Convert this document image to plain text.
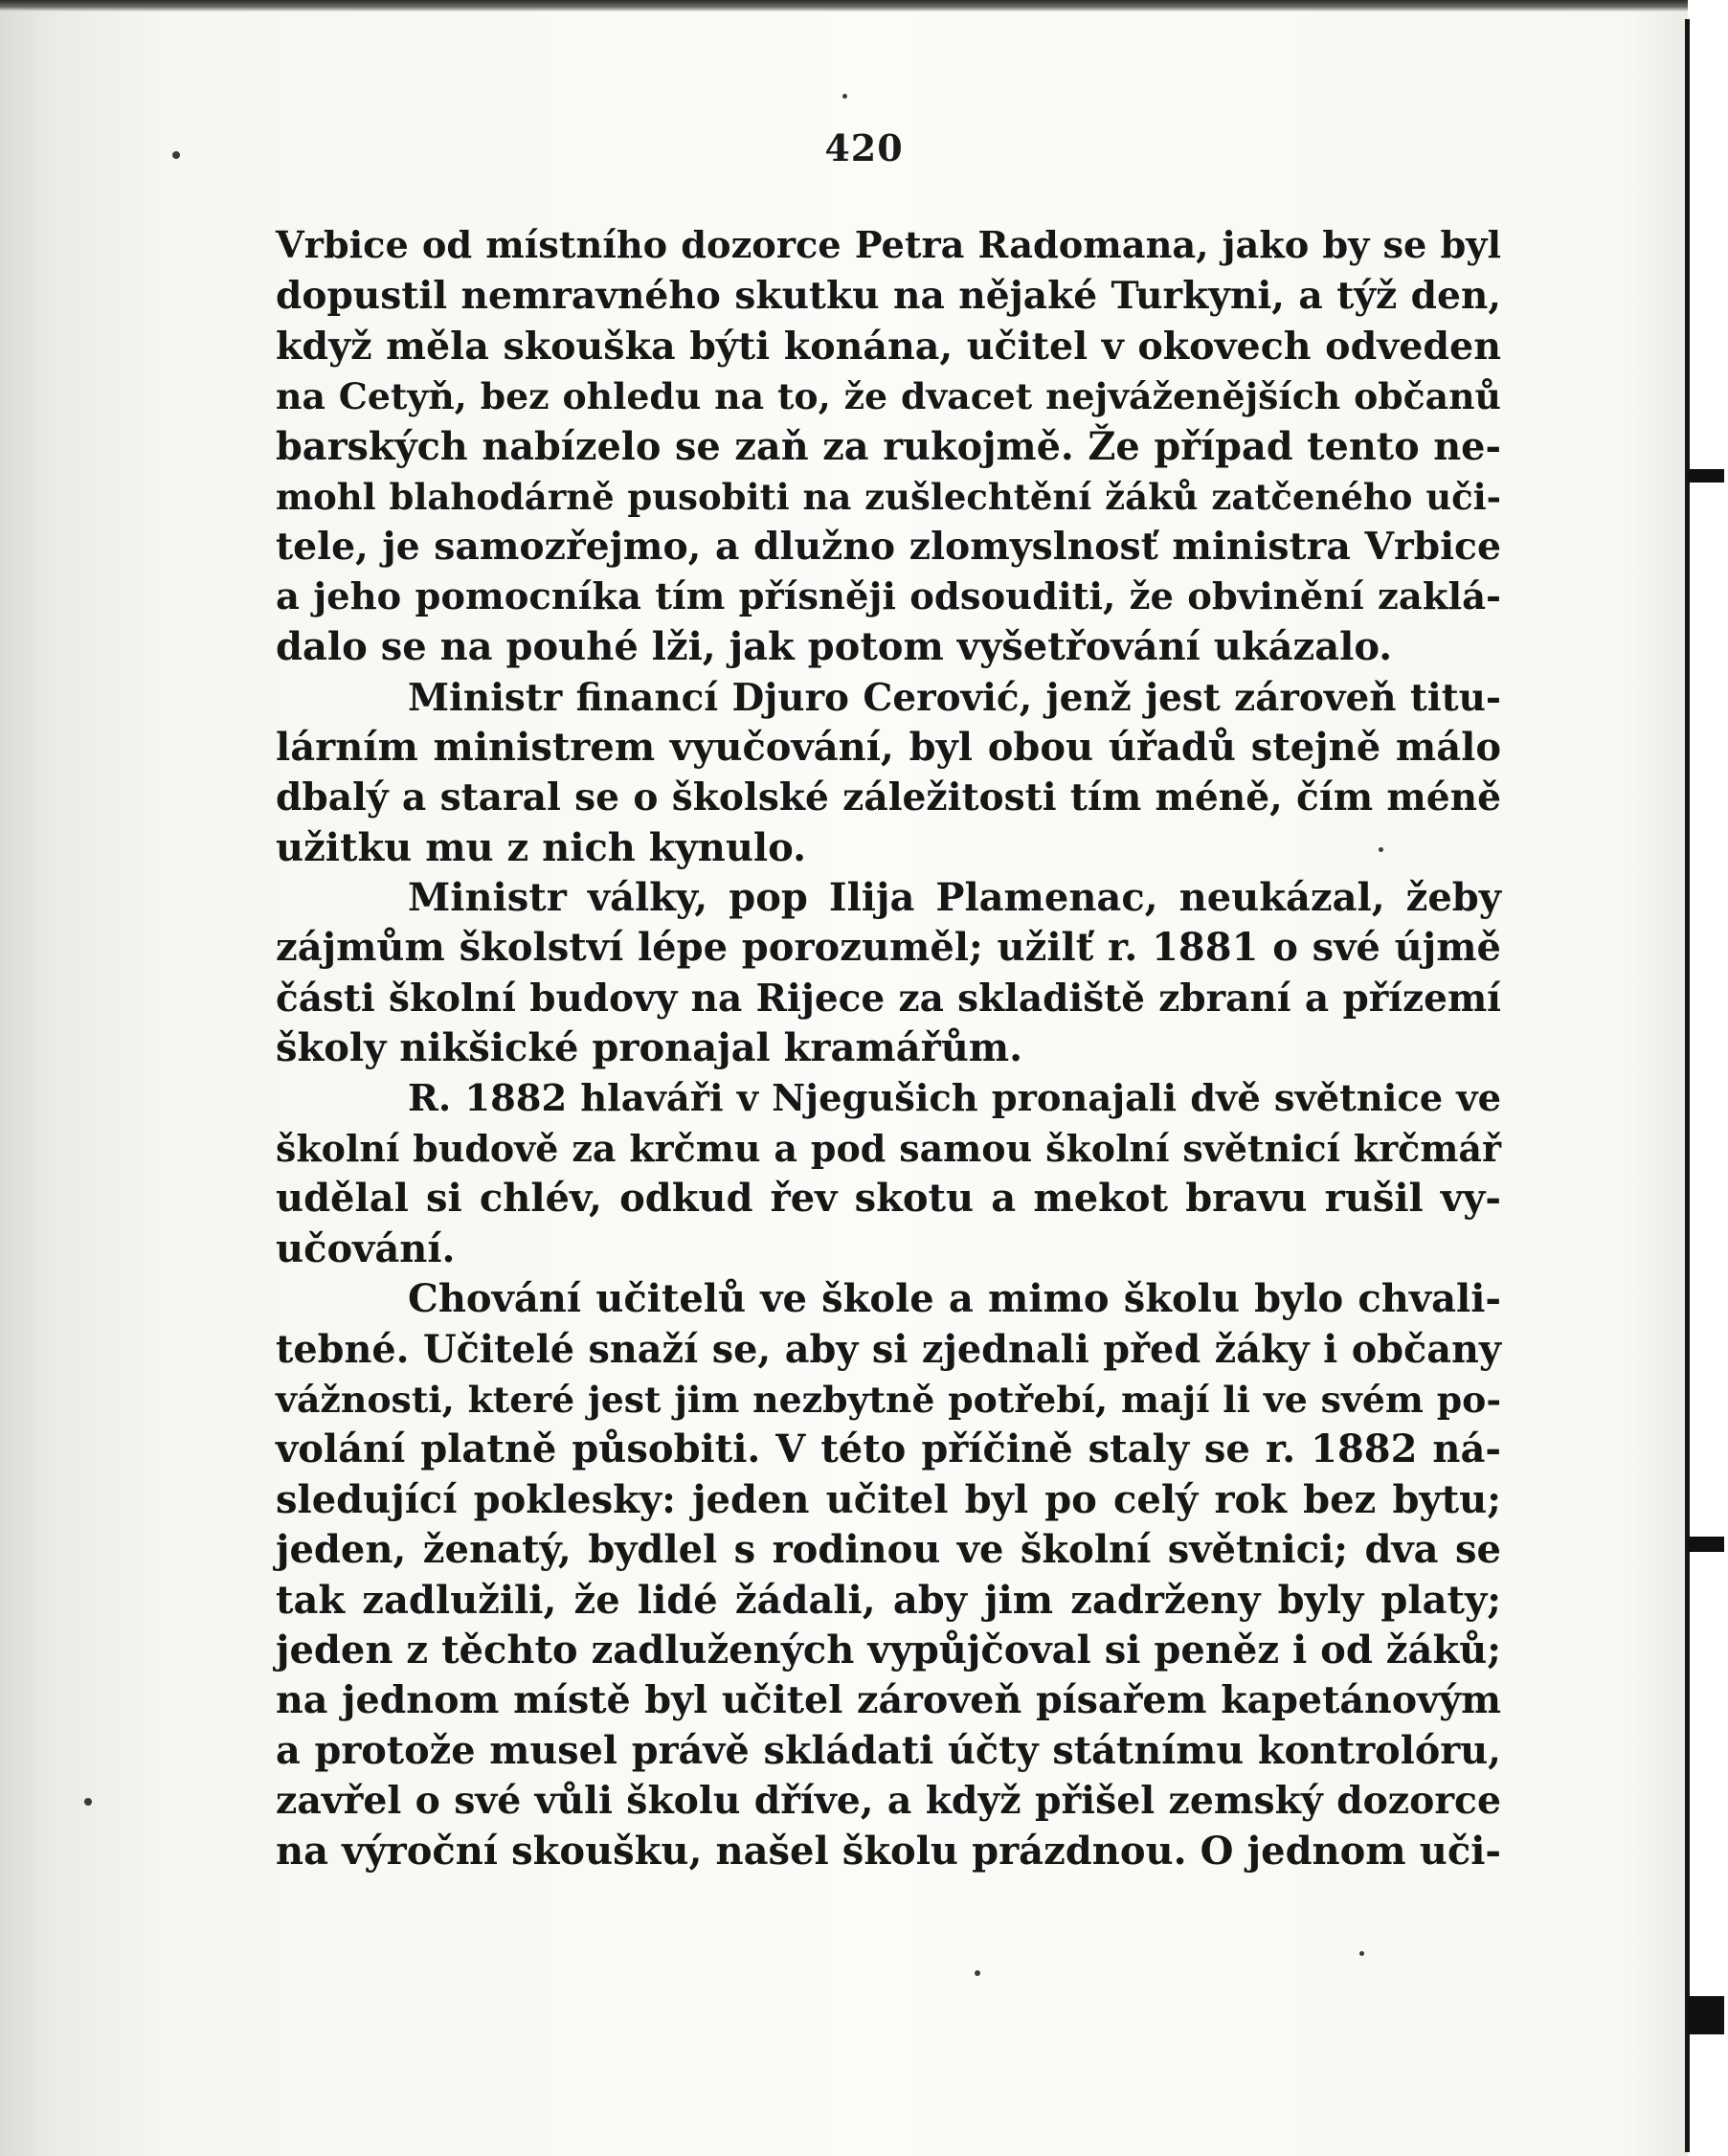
420
Vrbice od místního dozorce Petra Radomana, jako by se byl
dopustil nemravného skutku na nějaké Turkyni, a týž den,
když měla skouška býti konána, učitel v okovech odveden
na Cetyň, bez ohledu na to, že dvacet nejváženějších občanů
barských nabízelo se zaň za rukojmě. Že případ tento ne-
mohl blahodárně pusobiti na zušlechtění žáků zatčeného uči-
tele, je samozřejmo, a dlužno zlomyslnosť ministra Vrbice
a jeho pomocníka tím přísněji odsouditi, že obvinění zaklá-
dalo se na pouhé lži, jak potom vyšetřování ukázalo.
Ministr financí Djuro Cerović, jenž jest zároveň titu-
lárním ministrem vyučování, byl obou úřadů stejně málo
dbalý a staral se o školské záležitosti tím méně, čím méně
užitku mu z nich kynulo.
Ministr války, pop Ilija Plamenac, neukázal, žeby
zájmům školství lépe porozuměl; užilť r. 1881 o své újmě
části školní budovy na Rijece za skladiště zbraní a přízemí
školy nikšické pronajal kramářům.
R. 1882 hlaváři v Njegušich pronajali dvě světnice ve
školní budově za krčmu a pod samou školní světnicí krčmář
udělal si chlév, odkud řev skotu a mekot bravu rušil vy-
učování.
Chování učitelů ve škole a mimo školu bylo chvali-
tebné. Učitelé snaží se, aby si zjednali před žáky i občany
vážnosti, které jest jim nezbytně potřebí, mají li ve svém po-
volání platně působiti. V této příčině staly se r. 1882 ná-
sledující poklesky: jeden učitel byl po celý rok bez bytu;
jeden, ženatý, bydlel s rodinou ve školní světnici; dva se
tak zadlužili, že lidé žádali, aby jim zadrženy byly platy;
jeden z těchto zadlužených vypůjčoval si peněz i od žáků;
na jednom místě byl učitel zároveň písařem kapetánovým
a protože musel právě skládati účty státnímu kontrolóru,
zavřel o své vůli školu dříve, a když přišel zemský dozorce
na výroční skoušku, našel školu prázdnou. O jednom uči-
